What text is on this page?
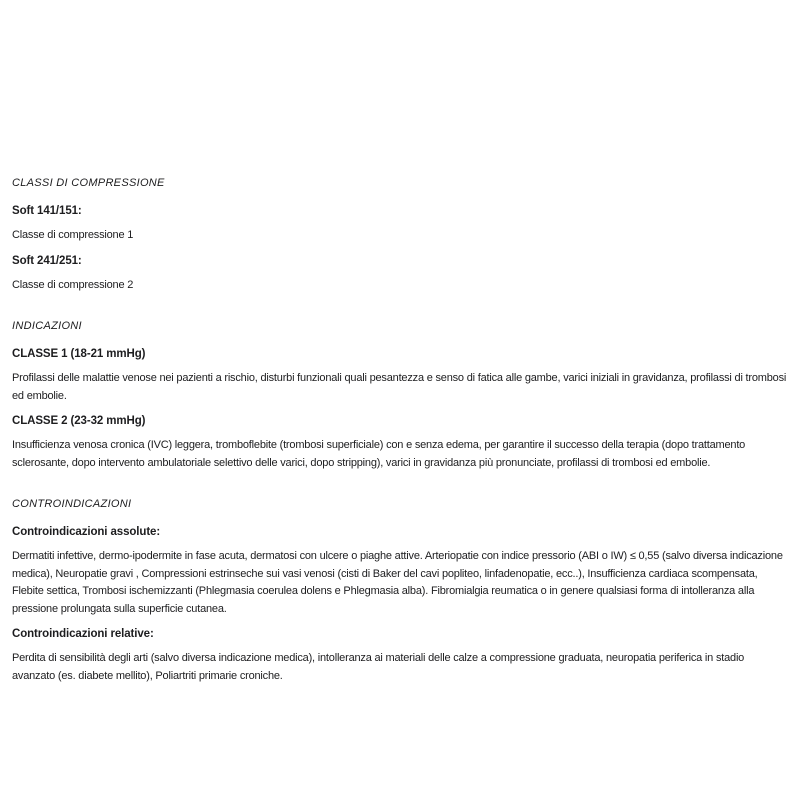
CLASSI DI COMPRESSIONE
Soft 141/151:

Classe di compressione 1

Soft 241/251:

Classe di compressione 2

INDICAZIONI
CLASSE 1 (18-21 mmHg)

Profilassi delle malattie venose nei pazienti a rischio, disturbi funzionali quali pesantezza e senso di fatica alle gambe, varici iniziali in gravidanza, profilassi di trombosi ed embolie.

CLASSE 2 (23-32 mmHg)

Insufficienza venosa cronica (IVC) leggera, tromboflebite (trombosi superficiale) con e senza edema, per garantire il successo della terapia (dopo trattamento sclerosante, dopo intervento ambulatoriale selettivo delle varici, dopo stripping), varici in gravidanza più pronunciate, profilassi di trombosi ed embolie.

CONTROINDICAZIONI
Controindicazioni assolute:

Dermatiti infettive, dermo-ipodermite in fase acuta, dermatosi con ulcere o piaghe attive. Arteriopatie con indice pressorio (ABI o IW) ≤ 0,55 (salvo diversa indicazione medica), Neuropatie gravi , Compressioni estrinseche sui vasi venosi (cisti di Baker del cavi popliteo, linfadenopatie, ecc..), Insufficienza cardiaca scompensata, Flebite settica, Trombosi ischemizzanti (Phlegmasia coerulea dolens e Phlegmasia alba). Fibromialgia reumatica o in genere qualsiasi forma di intolleranza alla pressione prolungata sulla superficie cutanea.

Controindicazioni relative:

Perdita di sensibilità degli arti (salvo diversa indicazione medica), intolleranza ai materiali delle calze a compressione graduata, neuropatia periferica in stadio avanzato (es. diabete mellito), Poliartriti primarie croniche.
